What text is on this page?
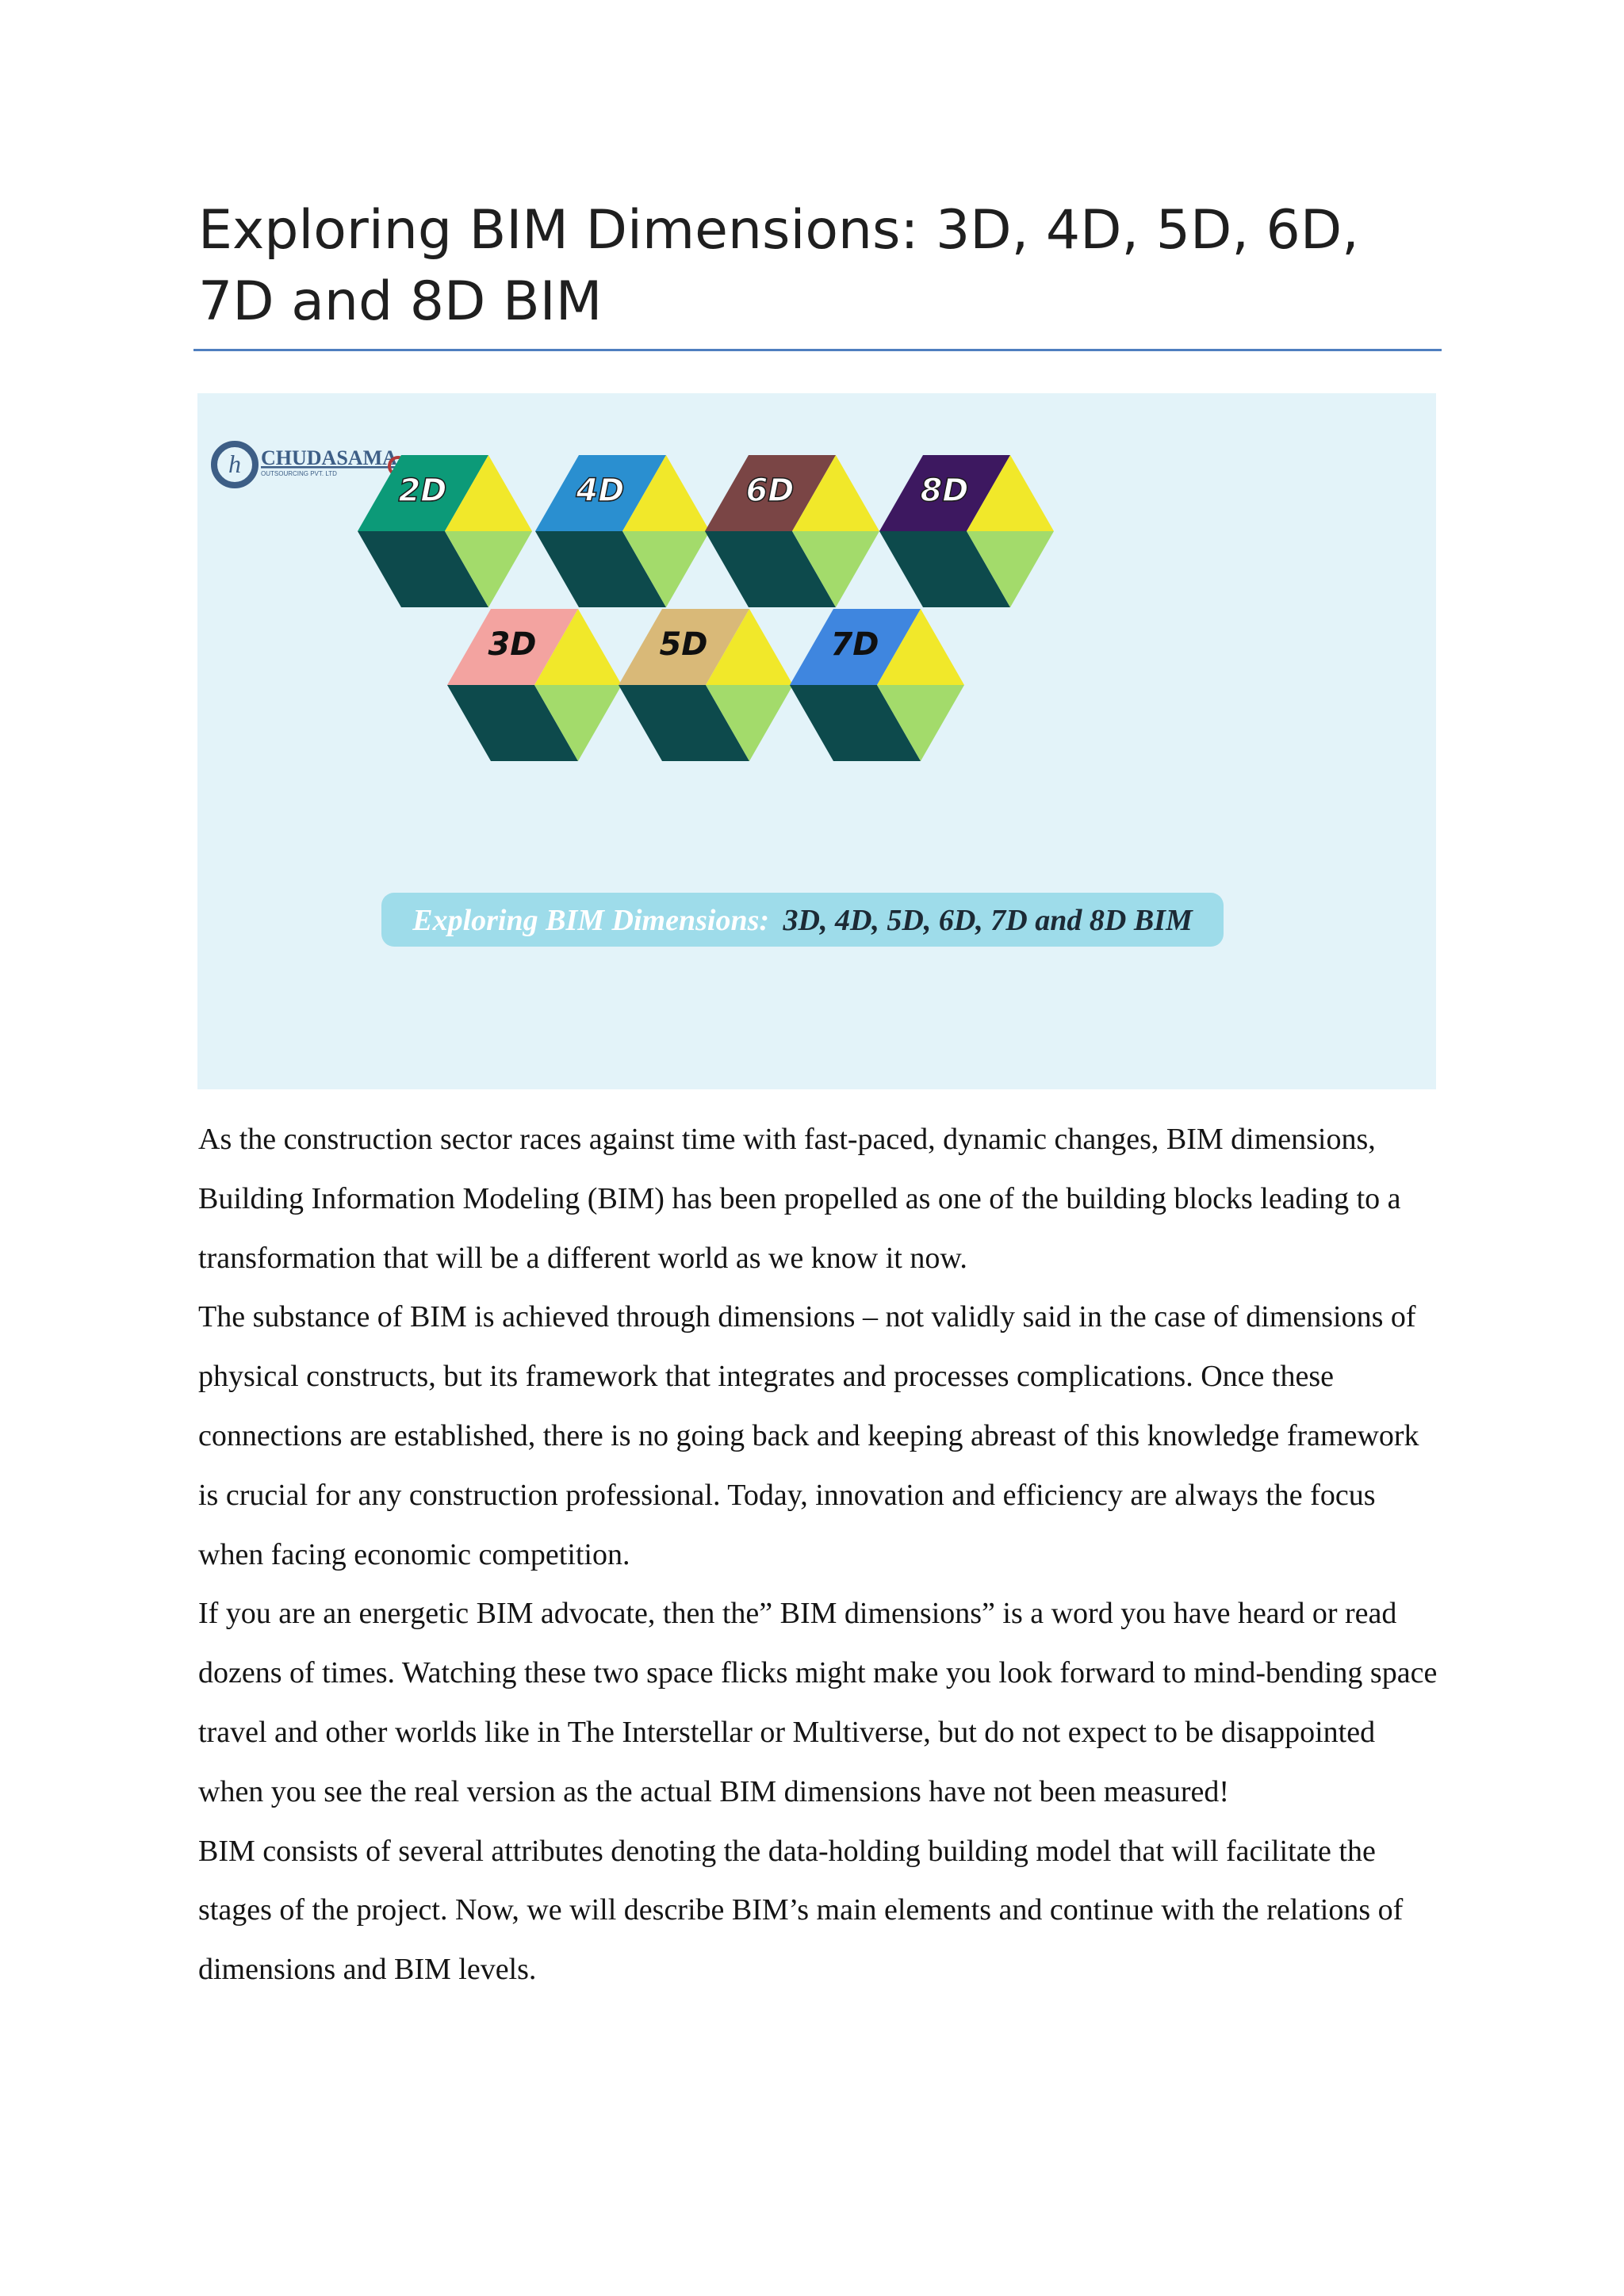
Exploring BIM Dimensions: 3D, 4D, 5D, 6D, 7D and 8D BIM
h CHUDASAMA
OUTSOURCING PVT. LTD 2D	4D	6D	8D
3D	5D	7D
Exploring BIM Dimensions: 3D, 4D, 5D, 6D, 7D and 8D BIM

As the construction sector races against time with fast-paced, dynamic changes, BIM dimensions, Building Information Modeling (BIM) has been propelled as one of the building blocks leading to a transformation that will be a different world as we know it now.

The substance of BIM is achieved through dimensions – not validly said in the case of dimensions of physical constructs, but its framework that integrates and processes complications. Once these connections are established, there is no going back and keeping abreast of this knowledge framework is crucial for any construction professional. Today, innovation and efficiency are always the focus when facing economic competition.

If you are an energetic BIM advocate, then the” BIM dimensions” is a word you have heard or read dozens of times. Watching these two space flicks might make you look forward to mind-bending space travel and other worlds like in The Interstellar or Multiverse, but do not expect to be disappointed when you see the real version as the actual BIM dimensions have not been measured!

BIM consists of several attributes denoting the data-holding building model that will facilitate the stages of the project. Now, we will describe BIM’s main elements and continue with the relations of dimensions and BIM levels.
